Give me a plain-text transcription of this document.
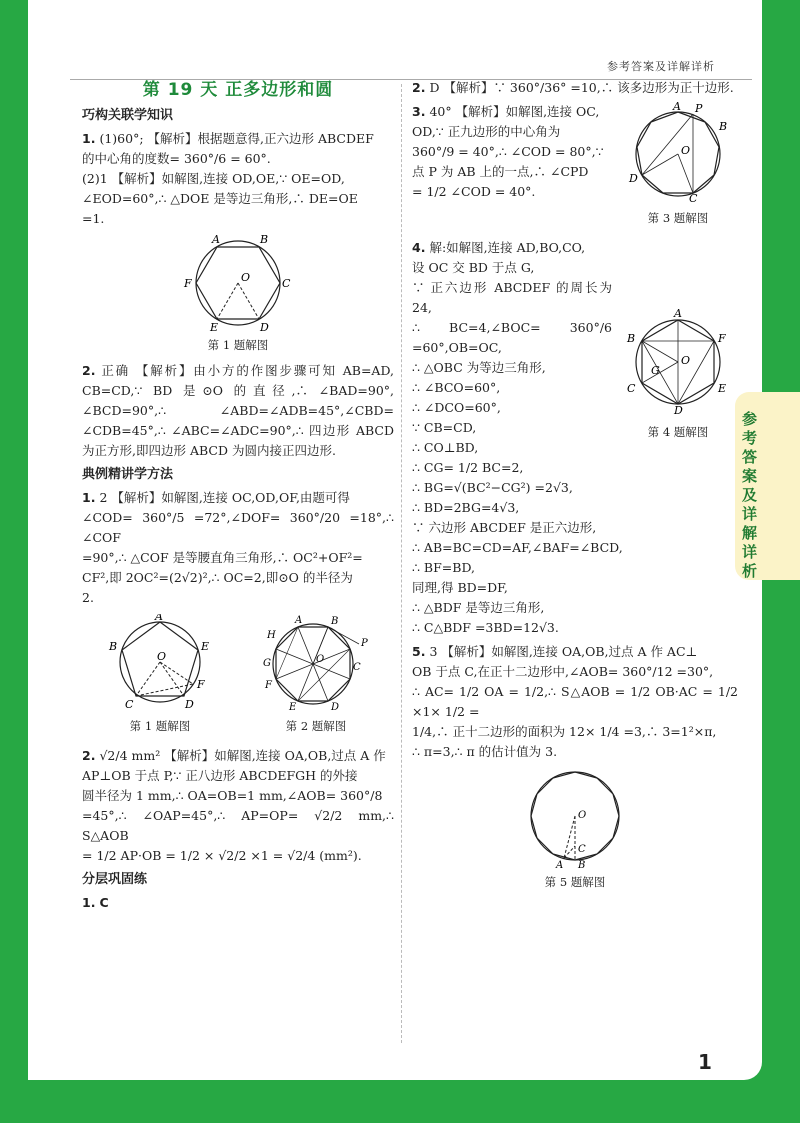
参考答案及详解详析
参考答案及详解详析
第 19 天 正多边形和圆
巧构关联学知识
1. (1)60°; 【解析】根据题意得,正六边形 ABCDEF
的中心角的度数= 360°/6 = 60°.
(2)1 【解析】如解图,连接 OD,OE,∵ OE=OD,
∠EOD=60°,∴ △DOE 是等边三角形,∴ DE=OE
=1.
A	B
C
D
E
F	O
第 1 题解图
2. 正确 【解析】由小方的作图步骤可知 AB=AD, CB=CD,∵ BD 是⊙O 的直径,∴ ∠BAD=90°, ∠BCD=90°,∴ ∠ABD=∠ADB=45°,∠CBD= ∠CDB=45°,∴ ∠ABC=∠ADC=90°,∴ 四边形 ABCD 为正方形,即四边形 ABCD 为圆内接正四边形.
典例精讲学方法
1. 2 【解析】如解图,连接 OC,OD,OF,由题可得
∠COD= 360°/5 =72°,∠DOF= 360°/20 =18°,∴ ∠COF
=90°,∴ △COF 是等腰直角三角形,∴ OC²+OF²=
CF²,即 2OC²=(2√2)²,∴ OC=2,即⊙O 的半径为
2.
A
E
B
F
C	D
O
第 1 题解图
A	B
C
D
E
F
G
H
P
O
第 2 题解图
2. √2/4 mm² 【解析】如解图,连接 OA,OB,过点 A 作
AP⊥OB 于点 P,∵ 正八边形 ABCDEFGH 的外接
圆半径为 1 mm,∴ OA=OB=1 mm,∠AOB= 360°/8
=45°,∴ ∠OAP=45°,∴ AP=OP= √2/2 mm,∴ S△AOB
= 1/2 AP·OB = 1/2 × √2/2 ×1 = √2/4 (mm²).
分层巩固练
1. C
2. D 【解析】∵ 360°/36° =10,∴ 该多边形为正十边形.
A P
B
C
D
O
第 3 题解图
3. 40° 【解析】如解图,连接 OC,
OD,∵ 正九边形的中心角为
360°/9 = 40°,∴ ∠COD = 80°,∵
点 P 为 AB 上的一点,∴ ∠CPD
= 1/2 ∠COD = 40°.
A
B	F
C	E
D
O
G
第 4 题解图
4. 解:如解图,连接 AD,BO,CO,
设 OC 交 BD 于点 G,
∵ 正六边形 ABCDEF 的周长为 24,
∴ BC=4,∠BOC= 360°/6 =60°,OB=OC,
∴ △OBC 为等边三角形,
∴ ∠BCO=60°,
∴ ∠DCO=60°,
∵ CB=CD,
∴ CO⊥BD,
∴ CG= 1/2 BC=2,
∴ BG=√(BC²−CG²) =2√3,
∴ BD=2BG=4√3,
∵ 六边形 ABCDEF 是正六边形,
∴ AB=BC=CD=AF,∠BAF=∠BCD,
∴ BF=BD,
同理,得 BD=DF,
∴ △BDF 是等边三角形,
∴ C△BDF =3BD=12√3.
5. 3 【解析】如解图,连接 OA,OB,过点 A 作 AC⊥
OB 于点 C,在正十二边形中,∠AOB= 360°/12 =30°,
∴ AC= 1/2 OA = 1/2,∴ S△AOB = 1/2 OB·AC = 1/2 ×1× 1/2 =
1/4,∴ 正十二边形的面积为 12× 1/4 =3,∴ 3=1²×π,
∴ π=3,∴ π 的估计值为 3.
O
A B
C
第 5 题解图
1
